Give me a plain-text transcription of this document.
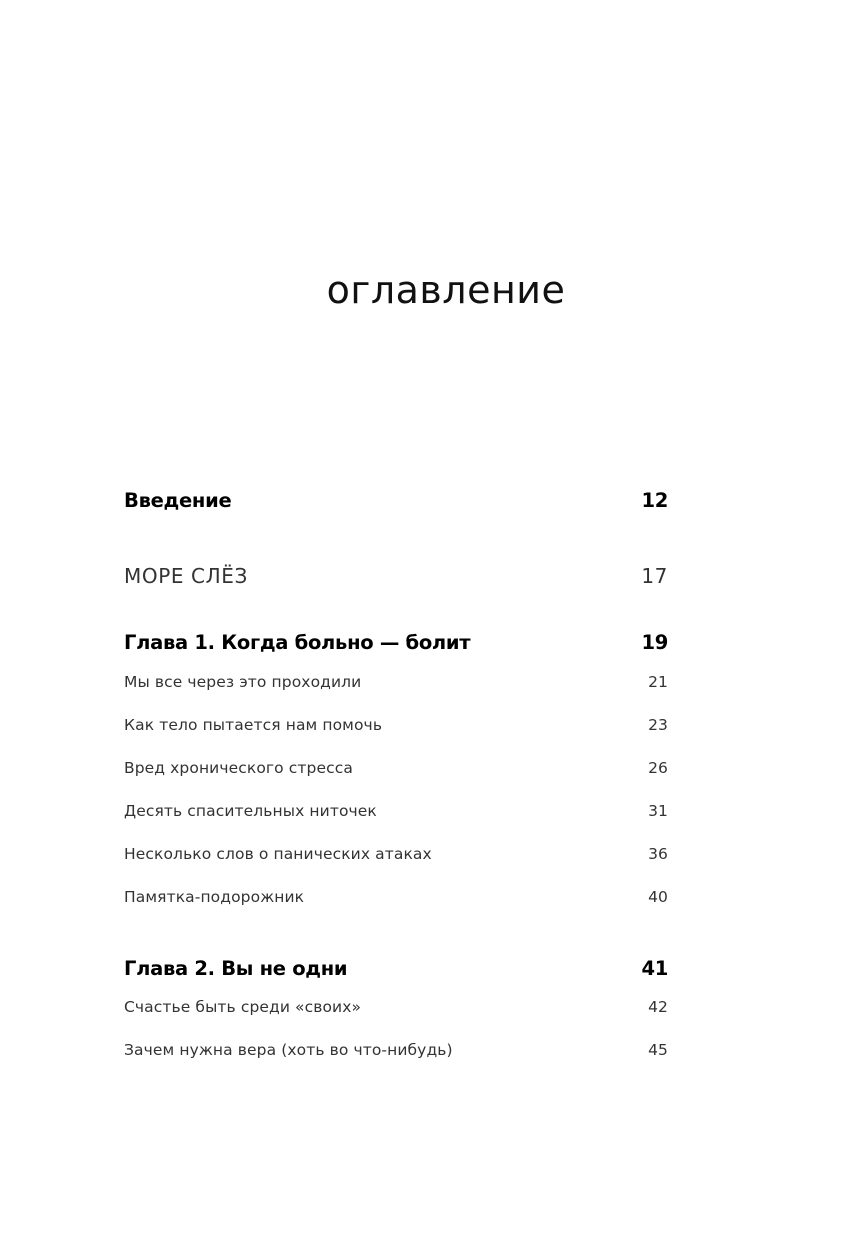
оглавление
Введение	12
МОРЕ СЛЁЗ	17
Глава 1. Когда больно — болит	19
Мы все через это проходили	21
Как тело пытается нам помочь	23
Вред хронического стресса	26
Десять спасительных ниточек	31
Несколько слов о панических атаках	36
Памятка-подорожник	40
Глава 2. Вы не одни	41
Счастье быть среди «своих»	42
Зачем нужна вера (хоть во что-нибудь)	45
